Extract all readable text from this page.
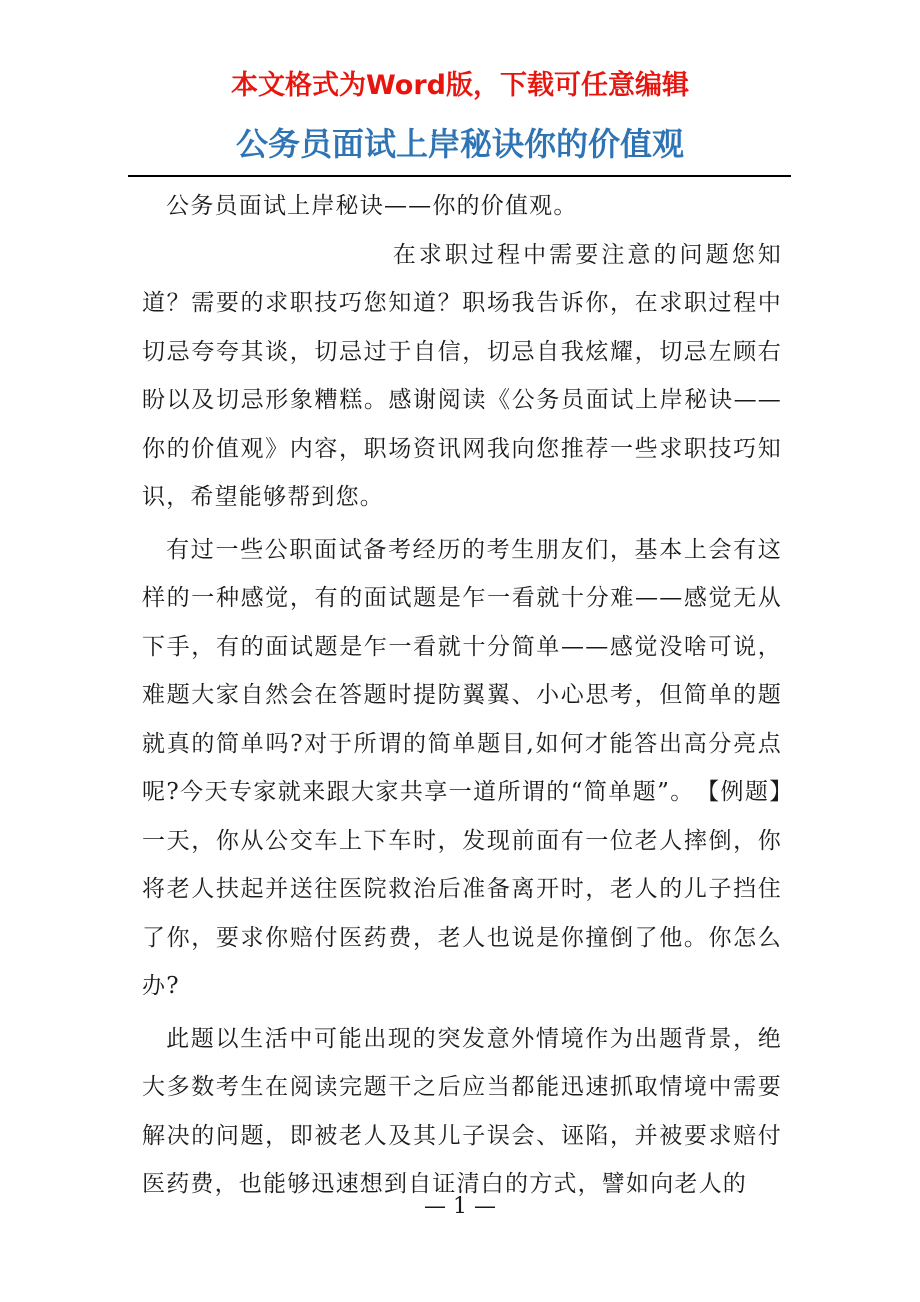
本文格式为Word版，下载可任意编辑
公务员面试上岸秘诀你的价值观

公务员面试上岸秘诀——你的价值观。

在求职过程中需要注意的问题您知道？需要的求职技巧您知道？职场我告诉你，在求职过程中切忌夸夸其谈，切忌过于自信，切忌自我炫耀，切忌左顾右盼以及切忌形象糟糕。感谢阅读《公务员面试上岸秘诀——你的价值观》内容，职场资讯网我向您推荐一些求职技巧知识，希望能够帮到您。

有过一些公职面试备考经历的考生朋友们，基本上会有这样的一种感觉，有的面试题是乍一看就十分难——感觉无从下手，有的面试题是乍一看就十分简单——感觉没啥可说，难题大家自然会在答题时提防翼翼、小心思考，但简单的题就真的简单吗?对于所谓的简单题目,如何才能答出高分亮点呢?今天专家就来跟大家共享一道所谓的“简单题”。　【例题】一天，你从公交车上下车时，发现前面有一位老人摔倒，你将老人扶起并送往医院救治后准备离开时，老人的儿子挡住了你，要求你赔付医药费，老人也说是你撞倒了他。你怎么办?

此题以生活中可能出现的突发意外情境作为出题背景，绝大多数考生在阅读完题干之后应当都能迅速抓取情境中需要解决的问题，即被老人及其儿子误会、诬陷，并被要求赔付医药费，也能够迅速想到自证清白的方式，譬如向老人的

— 1 —
